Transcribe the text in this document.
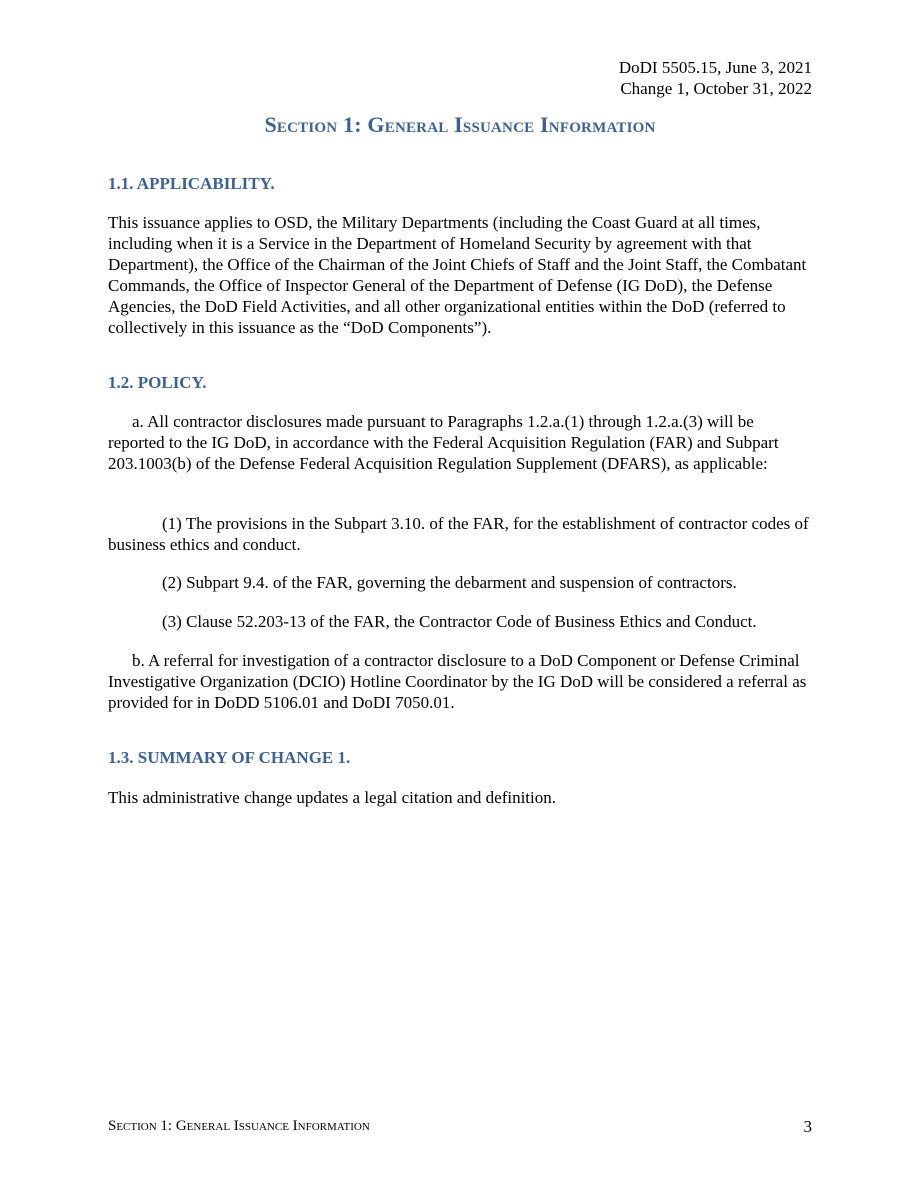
DoDI 5505.15, June 3, 2021
Change 1, October 31, 2022
Section 1: General Issuance Information
1.1. APPLICABILITY.

This issuance applies to OSD, the Military Departments (including the Coast Guard at all times, including when it is a Service in the Department of Homeland Security by agreement with that Department), the Office of the Chairman of the Joint Chiefs of Staff and the Joint Staff, the Combatant Commands, the Office of Inspector General of the Department of Defense (IG DoD), the Defense Agencies, the DoD Field Activities, and all other organizational entities within the DoD (referred to collectively in this issuance as the “DoD Components”).

1.2. POLICY.

a. All contractor disclosures made pursuant to Paragraphs 1.2.a.(1) through 1.2.a.(3) will be reported to the IG DoD, in accordance with the Federal Acquisition Regulation (FAR) and Subpart 203.1003(b) of the Defense Federal Acquisition Regulation Supplement (DFARS), as applicable:

(1) The provisions in the Subpart 3.10. of the FAR, for the establishment of contractor codes of business ethics and conduct.

(2) Subpart 9.4. of the FAR, governing the debarment and suspension of contractors.

(3) Clause 52.203-13 of the FAR, the Contractor Code of Business Ethics and Conduct.

b. A referral for investigation of a contractor disclosure to a DoD Component or Defense Criminal Investigative Organization (DCIO) Hotline Coordinator by the IG DoD will be considered a referral as provided for in DoDD 5106.01 and DoDI 7050.01.

1.3. SUMMARY OF CHANGE 1.

This administrative change updates a legal citation and definition.

Section 1: General Issuance Information	3
